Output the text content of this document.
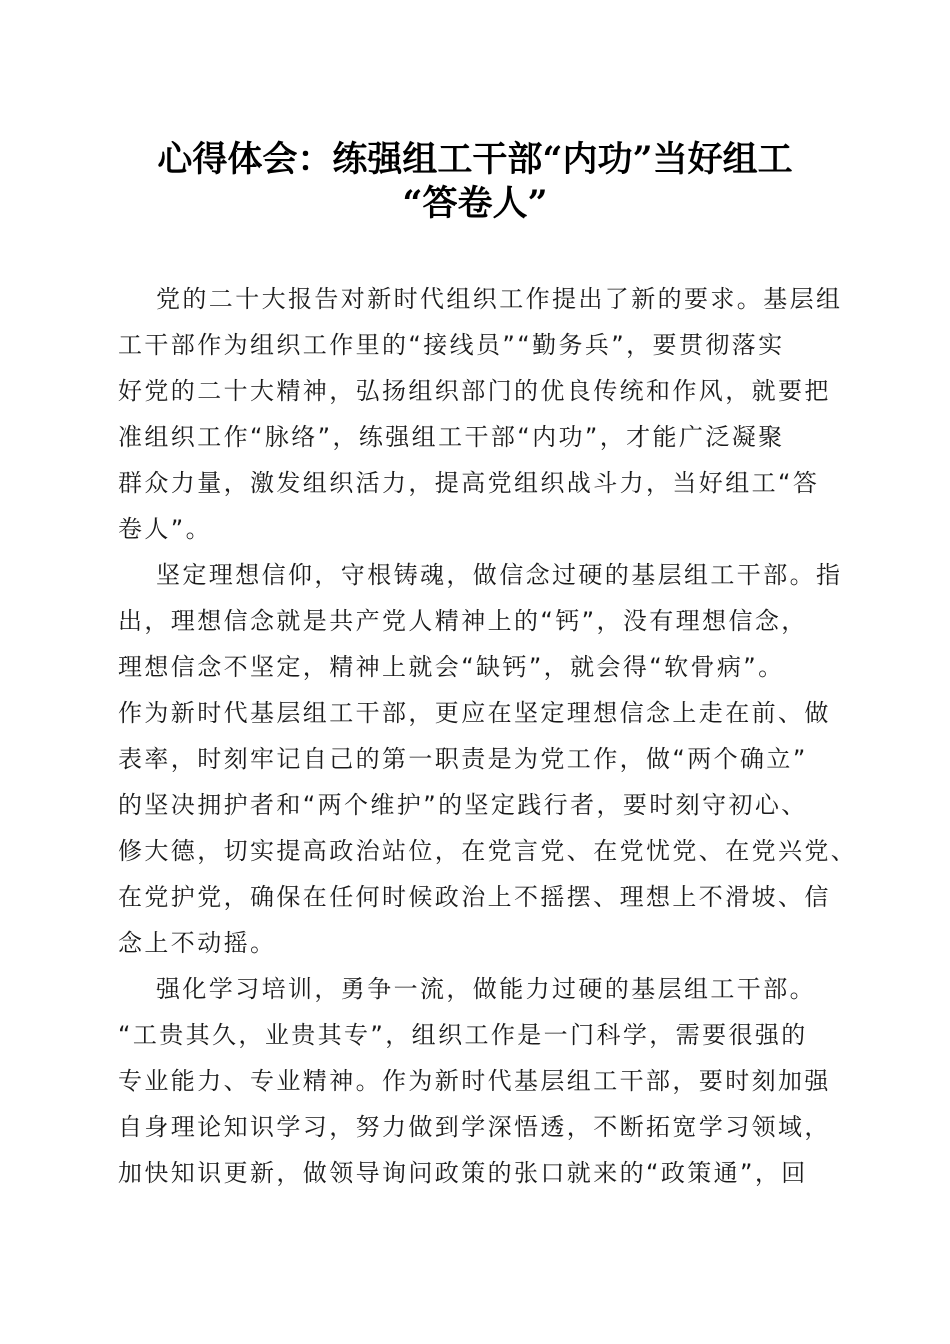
心得体会：练强组工干部“内功”当好组工
“答卷人”
党的二十大报告对新时代组织工作提出了新的要求。基层组
工干部作为组织工作里的“接线员”“勤务兵”，要贯彻落实
好党的二十大精神，弘扬组织部门的优良传统和作风，就要把
准组织工作“脉络”，练强组工干部“内功”，才能广泛凝聚
群众力量，激发组织活力，提高党组织战斗力，当好组工“答
卷人”。
坚定理想信仰，守根铸魂，做信念过硬的基层组工干部。指
出，理想信念就是共产党人精神上的“钙”，没有理想信念，
理想信念不坚定，精神上就会“缺钙”，就会得“软骨病”。
作为新时代基层组工干部，更应在坚定理想信念上走在前、做
表率，时刻牢记自己的第一职责是为党工作，做“两个确立”
的坚决拥护者和“两个维护”的坚定践行者，要时刻守初心、
修大德，切实提高政治站位，在党言党、在党忧党、在党兴党、
在党护党，确保在任何时候政治上不摇摆、理想上不滑坡、信
念上不动摇。
强化学习培训，勇争一流，做能力过硬的基层组工干部。
“工贵其久，业贵其专”，组织工作是一门科学，需要很强的
专业能力、专业精神。作为新时代基层组工干部，要时刻加强
自身理论知识学习，努力做到学深悟透，不断拓宽学习领域，
加快知识更新，做领导询问政策的张口就来的“政策通”，回
